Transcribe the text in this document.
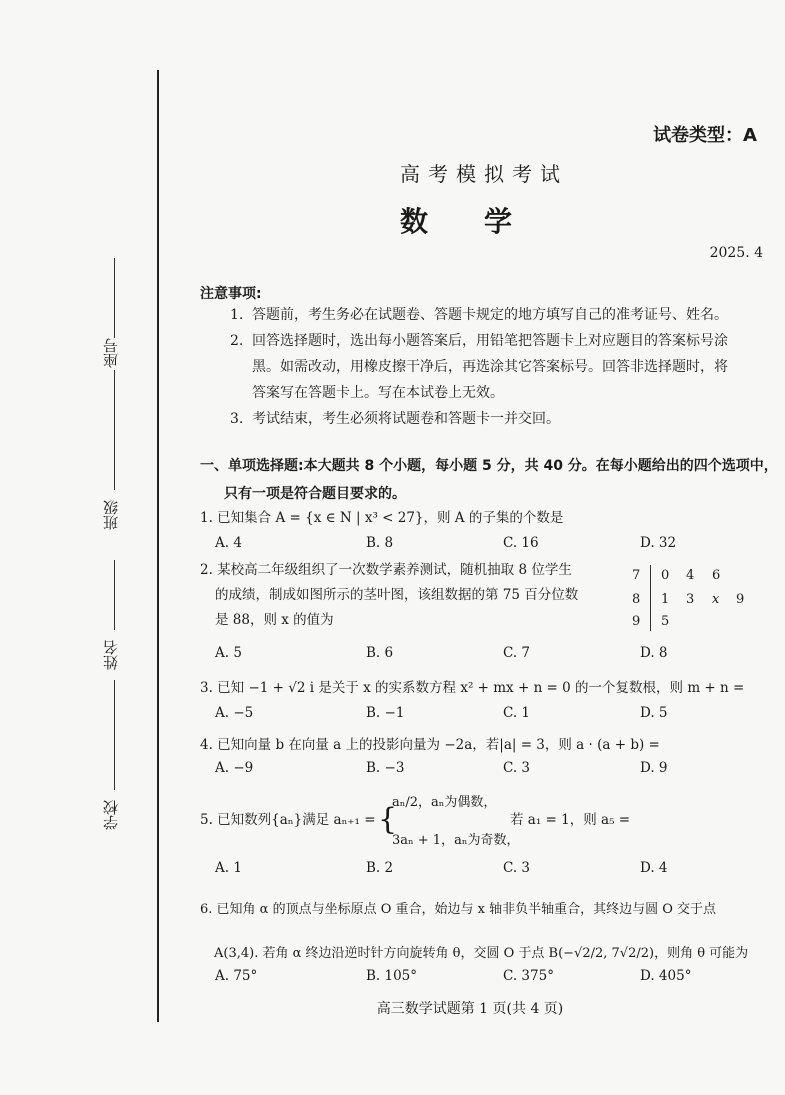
座号
班级
姓名
学校
试卷类型：A
高考模拟考试
数学
2025. 4
注意事项:
1. 答题前，考生务必在试题卷、答题卡规定的地方填写自己的准考证号、姓名。
2. 回答选择题时，选出每小题答案后，用铅笔把答题卡上对应题目的答案标号涂
黑。如需改动，用橡皮擦干净后，再选涂其它答案标号。回答非选择题时，将
答案写在答题卡上。写在本试卷上无效。
3. 考试结束，考生必须将试题卷和答题卡一并交回。
一、单项选择题:本大题共 8 个小题，每小题 5 分，共 40 分。在每小题给出的四个选项中，
只有一项是符合题目要求的。
1. 已知集合 A = {x ∈ N | x³ < 27}，则 A 的子集的个数是
A. 4	B. 8	C. 16	D. 32
2. 某校高二年级组织了一次数学素养测试，随机抽取 8 位学生
的成绩，制成如图所示的茎叶图，该组数据的第 75 百分位数
是 88，则 x 的值为
7 0 4 6
8 1 3 x 9
9 5
A. 5	B. 6	C. 7	D. 8
3. 已知 −1 + √2 i 是关于 x 的实系数方程 x² + mx + n = 0 的一个复数根，则 m + n =
A. −5	B. −1	C. 1	D. 5
4. 已知向量 b 在向量 a 上的投影向量为 −2a，若|a| = 3，则 a · (a + b) =
A. −9	B. −3	C. 3	D. 9
5. 已知数列{aₙ}满足 aₙ₊₁ = {
aₙ/2，aₙ为偶数，
3aₙ + 1，aₙ为奇数，
若 a₁ = 1，则 a₅ =
A. 1	B. 2	C. 3	D. 4
6. 已知角 α 的顶点与坐标原点 O 重合，始边与 x 轴非负半轴重合，其终边与圆 O 交于点
A(3,4). 若角 α 终边沿逆时针方向旋转角 θ，交圆 O 于点 B(−√2/2, 7√2/2)，则角 θ 可能为
A. 75°	B. 105°	C. 375°	D. 405°
高三数学试题第 1 页(共 4 页)
